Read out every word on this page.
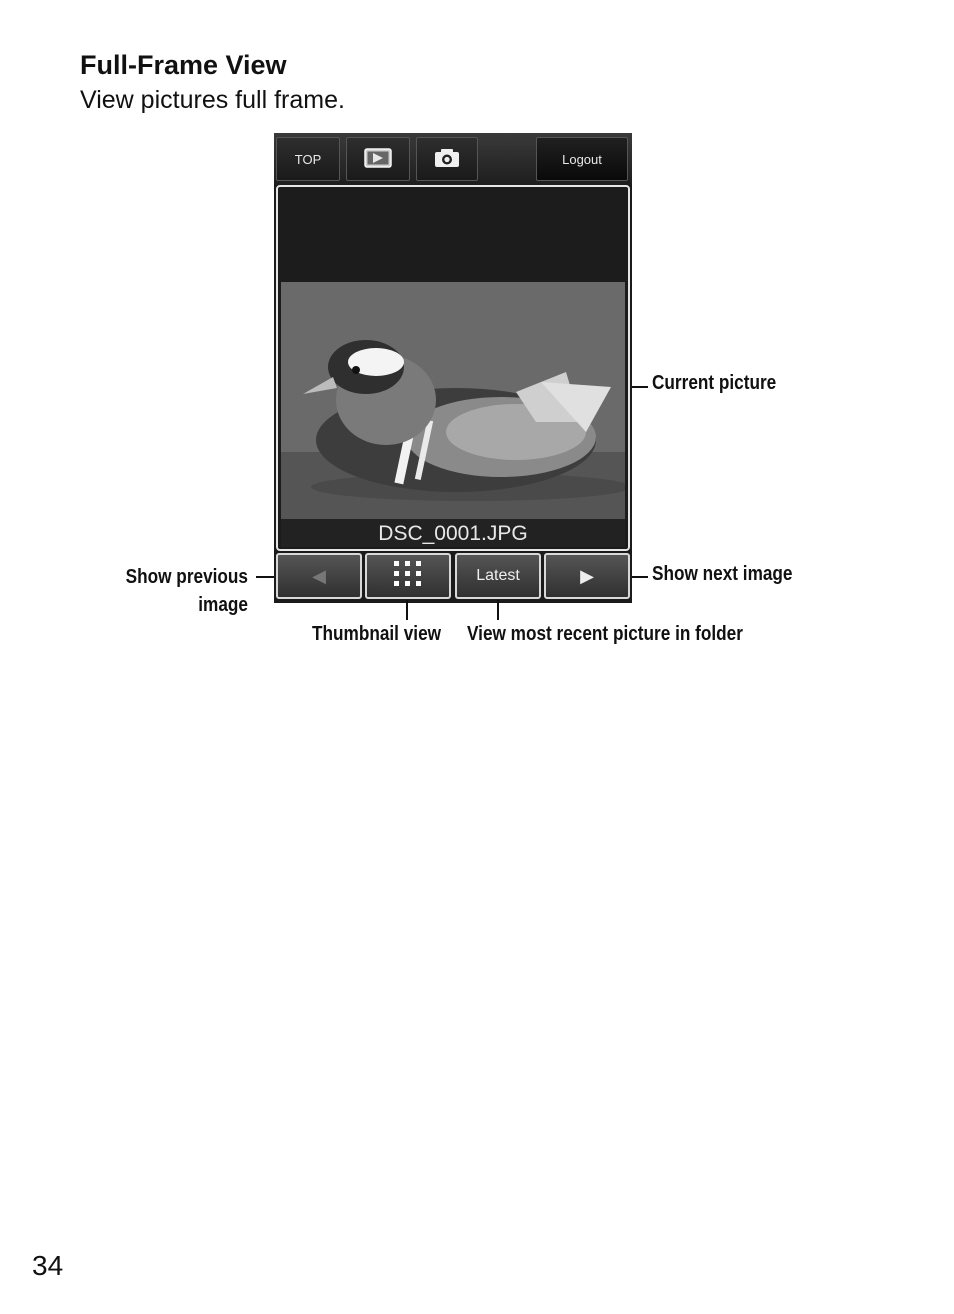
Full-Frame View
View pictures full frame.
TOP	Logout
DSC_0001.JPG
◀	Latest	▶
Current picture
Show next image
Show previous image
Thumbnail view View most recent picture in folder
34
